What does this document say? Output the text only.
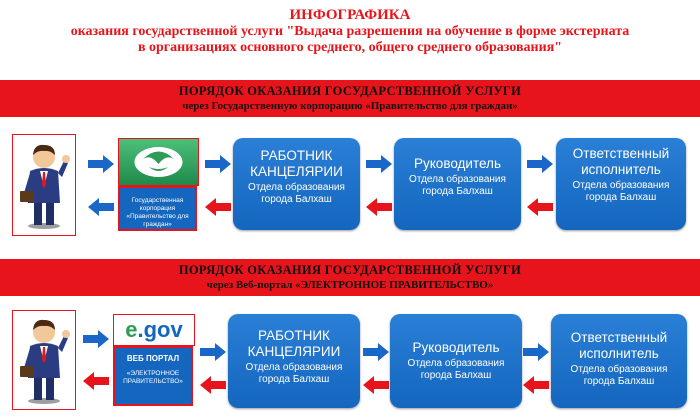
ИНФОГРАФИКА
оказания государственной услуги "Выдача разрешения на обучение в форме экстерната
в организациях основного среднего, общего среднего образования"
ПОРЯДОК ОКАЗАНИЯ ГОСУДАРСТВЕННОЙ УСЛУГИ
через Государственную корпорацию «Правительство для граждан»
Государственная корпорация «Правительство для граждан»
РАБОТНИК КАНЦЕЛЯРИИ
Отдела образования города Балхаш
Руководитель
Отдела образования города Балхаш
Ответственный исполнитель
Отдела образования города Балхаш
ПОРЯДОК ОКАЗАНИЯ ГОСУДАРСТВЕННОЙ УСЛУГИ
через Веб-портал «ЭЛЕКТРОННОЕ ПРАВИТЕЛЬСТВО»
e.gov
ВЕБ ПОРТАЛ
«ЭЛЕКТРОННОЕ ПРАВИТЕЛЬСТВО»
РАБОТНИК КАНЦЕЛЯРИИ
Отдела образования города Балхаш
Руководитель
Отдела образования города Балхаш
Ответственный исполнитель
Отдела образования города Балхаш
